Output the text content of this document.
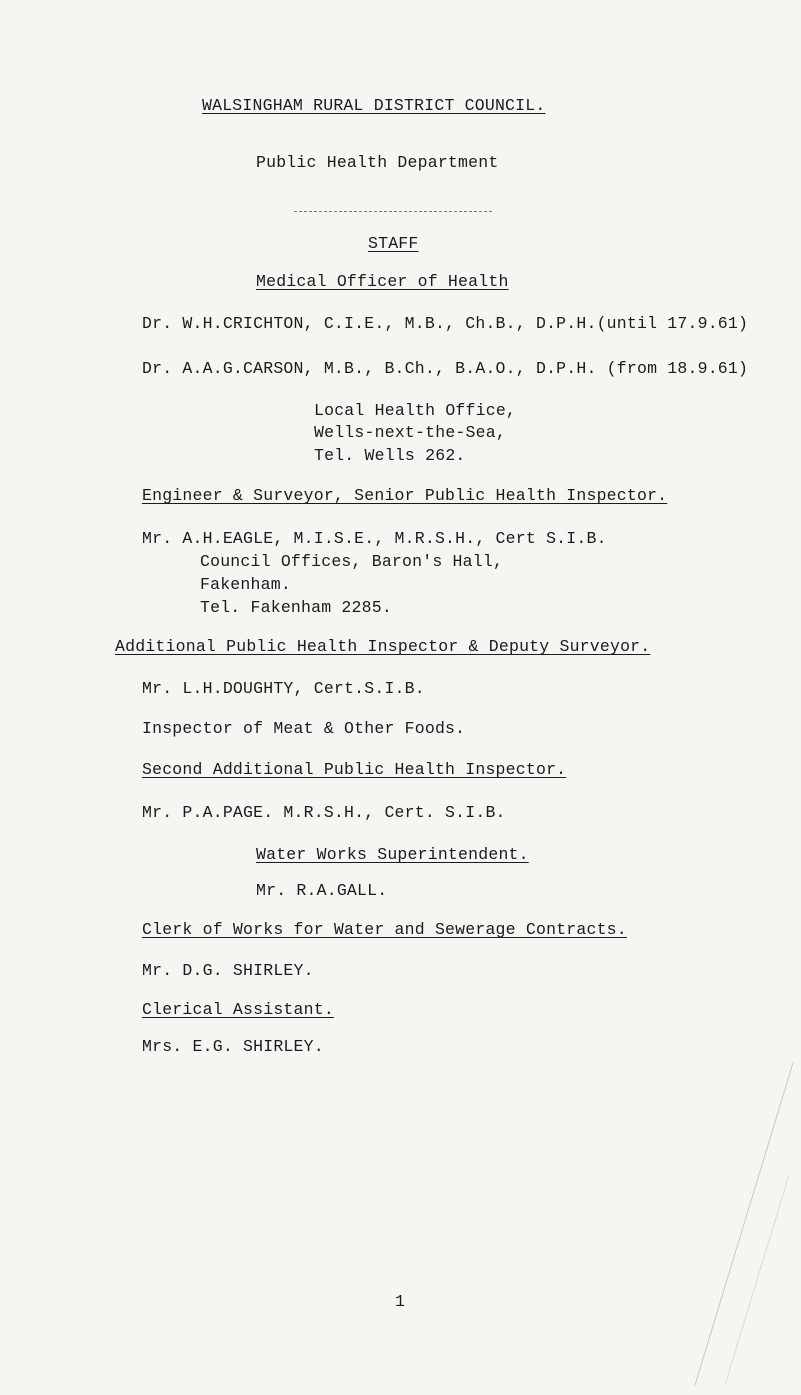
WALSINGHAM RURAL DISTRICT COUNCIL.
Public Health Department
STAFF
Medical Officer of Health
Dr. W.H.CRICHTON, C.I.E., M.B., Ch.B., D.P.H.(until 17.9.61)
Dr. A.A.G.CARSON, M.B., B.Ch., B.A.O., D.P.H. (from 18.9.61)
Local Health Office,
Wells-next-the-Sea,
Tel. Wells 262.
Engineer & Surveyor, Senior Public Health Inspector.
Mr. A.H.EAGLE, M.I.S.E., M.R.S.H., Cert S.I.B.
Council Offices, Baron's Hall,
Fakenham.
Tel. Fakenham 2285.
Additional Public Health Inspector & Deputy Surveyor.
Mr. L.H.DOUGHTY, Cert.S.I.B.
Inspector of Meat & Other Foods.
Second Additional Public Health Inspector.
Mr. P.A.PAGE. M.R.S.H., Cert. S.I.B.
Water Works Superintendent.
Mr. R.A.GALL.
Clerk of Works for Water and Sewerage Contracts.
Mr. D.G. SHIRLEY.
Clerical Assistant.
Mrs. E.G. SHIRLEY.
1
